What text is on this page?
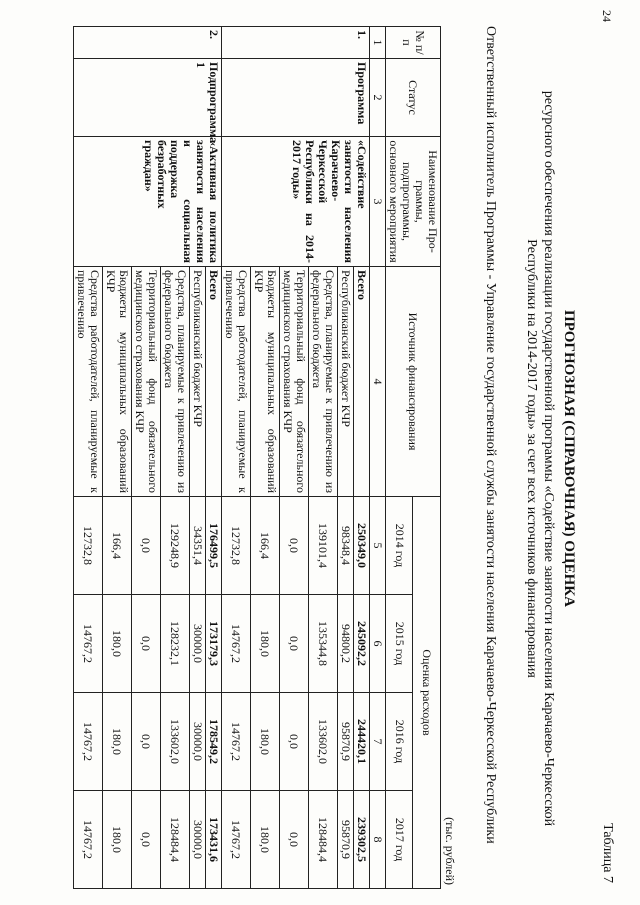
24
Таблица 7
ПРОГНОЗНАЯ (СПРАВОЧНАЯ) ОЦЕНКА
ресурсного обеспечения реализации государственной программы «Содействие занятости населения Карачаево-Черкесской Республики на 2014-2017 годы» за счет всех источников финансирования
Ответственный исполнитель Программы - Управление государственной службы занятости населения Карачаево-Черкесской Республики
(тыс. рублей)
№ п/п	Статус	Наименование Про-граммы, подпрограммы, основного мероприятия	Источник финансирования	Оценка расходов			
				2014 год	2015 год	2016 год	2017 год
1	2	3	4	5	6	7	8
1.	Программа	«Содействие занятости населения Карачаево-Черкесской Республики на 2014-2017 годы»	Всего	250349,0	245092,2	244420,1	239302,5
			Республиканский бюджет КЧР	98348,4	94800,2	95870,9	95870,9
			Средства, планируемые к привлечению из федерального бюджета	139101,4	135344,8	133602,0	128484,4
			Территориальный фонд обязательного медицинского страхования КЧР	0,0	0,0	0,0	0,0
			Бюджеты муниципальных образований КЧР	166,4	180,0	180,0	180,0
			Средства работодателей, планируемые к привлечению	12732,8	14767,2	14767,2	14767,2
2.	Подпрограмма 1	«Активная политика занятости населения и социальная поддержка безработных граждан»	Всего	176499,5	173179,3	178549,2	173431,6
			Республиканский бюджет КЧР	34351,4	30000,0	30000,0	30000,0
			Средства, планируемые к привлечению из федерального бюджета	129248,9	128232,1	133602,0	128484,4
			Территориальный фонд обязательного медицинского страхования КЧР	0,0	0,0	0,0	0,0
			Бюджеты муниципальных образований КЧР	166,4	180,0	180,0	180,0
			Средства работодателей, планируемые к привлечению	12732,8	14767,2	14767,2	14767,2
